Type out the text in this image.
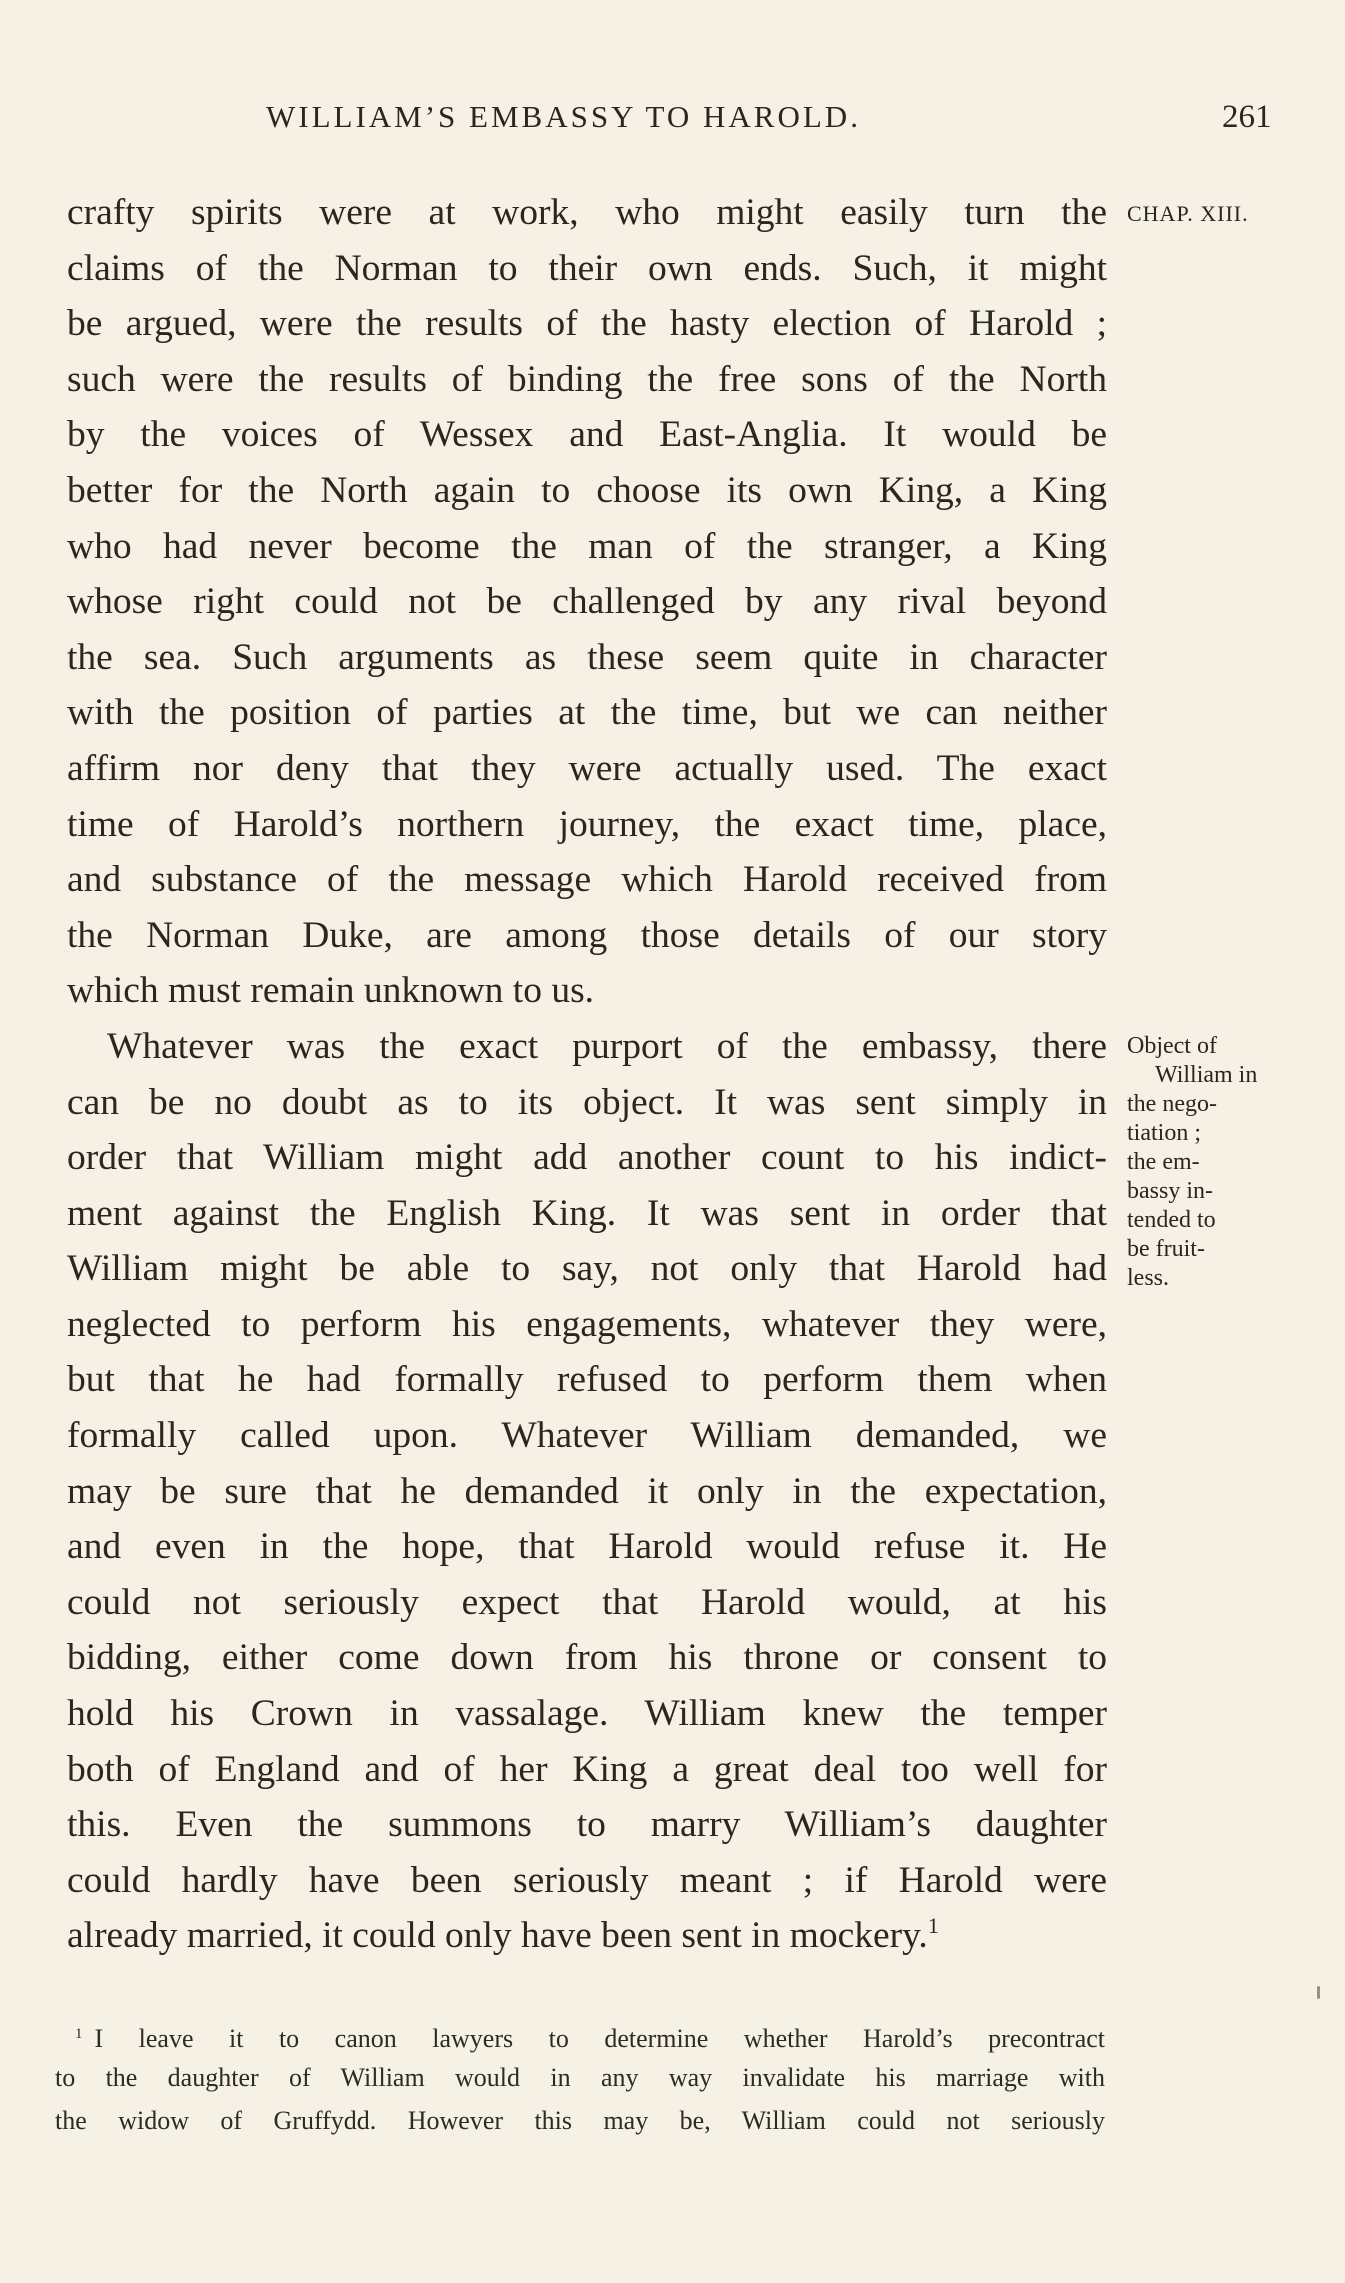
WILLIAM’S EMBASSY TO HAROLD.	261
CHAP. XIII.
Object of
William in
the nego-
tiation ;
the em-
bassy in-
tended to
be fruit-
less.
crafty spirits were at work, who might easily turn the
claims of the Norman to their own ends. Such, it might
be argued, were the results of the hasty election of Harold ;
such were the results of binding the free sons of the North
by the voices of Wessex and East-Anglia. It would be
better for the North again to choose its own King, a King
who had never become the man of the stranger, a King
whose right could not be challenged by any rival beyond
the sea. Such arguments as these seem quite in character
with the position of parties at the time, but we can neither
affirm nor deny that they were actually used. The exact
time of Harold’s northern journey, the exact time, place,
and substance of the message which Harold received from
the Norman Duke, are among those details of our story
which must remain unknown to us.
Whatever was the exact purport of the embassy, there
can be no doubt as to its object. It was sent simply in
order that William might add another count to his indict-
ment against the English King. It was sent in order that
William might be able to say, not only that Harold had
neglected to perform his engagements, whatever they were,
but that he had formally refused to perform them when
formally called upon. Whatever William demanded, we
may be sure that he demanded it only in the expectation,
and even in the hope, that Harold would refuse it. He
could not seriously expect that Harold would, at his
bidding, either come down from his throne or consent to
hold his Crown in vassalage. William knew the temper
both of England and of her King a great deal too well for
this. Even the summons to marry William’s daughter
could hardly have been seriously meant ; if Harold were
already married, it could only have been sent in mockery.$^1$
$^1$ I leave it to canon lawyers to determine whether Harold’s precontract
to the daughter of William would in any way invalidate his marriage with
the widow of Gruffydd. However this may be, William could not seriously
